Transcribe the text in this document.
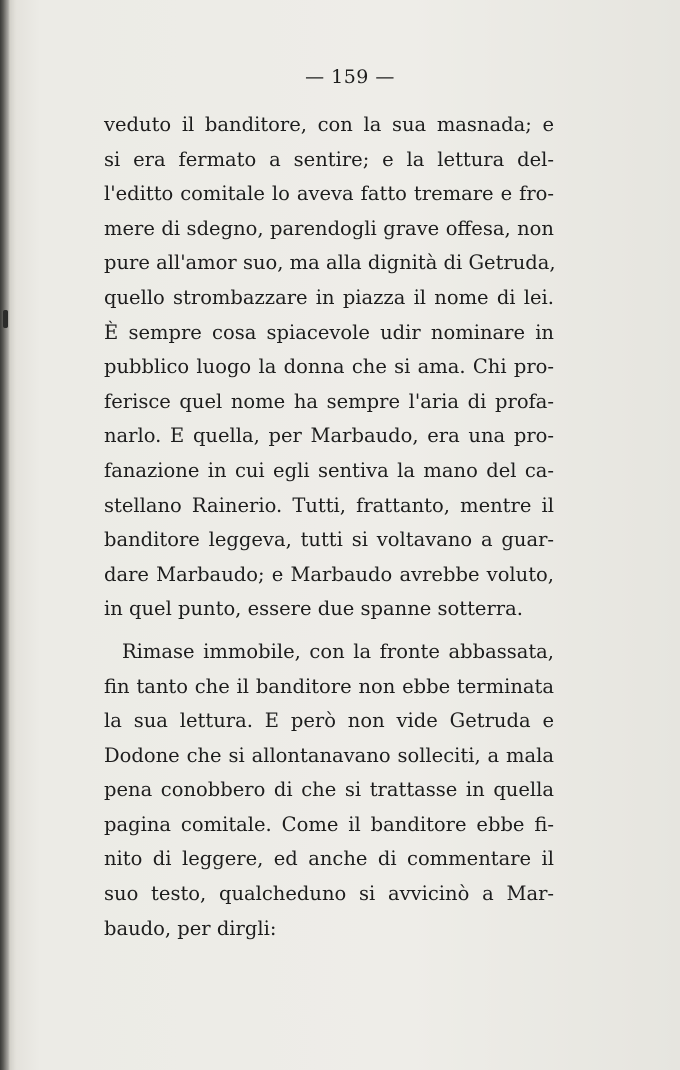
— 159 —
veduto il banditore, con la sua masnada; e
si era fermato a sentire; e la lettura del-
l'editto comitale lo aveva fatto tremare e fro-
mere di sdegno, parendogli grave offesa, non
pure all'amor suo, ma alla dignità di Getruda,
quello strombazzare in piazza il nome di lei.
È sempre cosa spiacevole udir nominare in
pubblico luogo la donna che si ama. Chi pro-
ferisce quel nome ha sempre l'aria di profa-
narlo. E quella, per Marbaudo, era una pro-
fanazione in cui egli sentiva la mano del ca-
stellano Rainerio. Tutti, frattanto, mentre il
banditore leggeva, tutti si voltavano a guar-
dare Marbaudo; e Marbaudo avrebbe voluto,
in quel punto, essere due spanne sotterra.
Rimase immobile, con la fronte abbassata,
fin tanto che il banditore non ebbe terminata
la sua lettura. E però non vide Getruda e
Dodone che si allontanavano solleciti, a mala
pena conobbero di che si trattasse in quella
pagina comitale. Come il banditore ebbe fi-
nito di leggere, ed anche di commentare il
suo testo, qualcheduno si avvicinò a Mar-
baudo, per dirgli:
